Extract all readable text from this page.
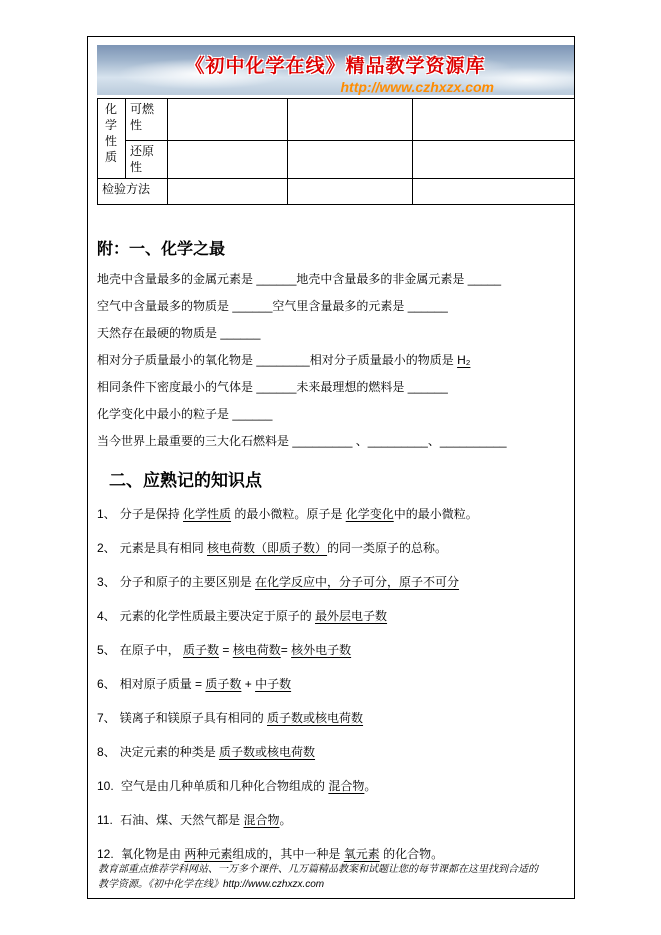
《初中化学在线》精品教学资源库
http://www.czhxzx.com
化学性质	可燃性			
	还原性			
检验方法				
附：一、化学之最
地壳中含量最多的金属元素是 ______地壳中含量最多的非金属元素是 _____
空气中含量最多的物质是 ______空气里含量最多的元素是 ______
天然存在最硬的物质是 ______
相对分子质量最小的氧化物是 ________相对分子质量最小的物质是 H₂
相同条件下密度最小的气体是 ______未来最理想的燃料是 ______
化学变化中最小的粒子是 ______
当今世界上最重要的三大化石燃料是 _________ 、_________、__________
二、应熟记的知识点
1、 分子是保持 化学性质 的最小微粒。原子是 化学变化中的最小微粒。
2、 元素是具有相同 核电荷数（即质子数）的同一类原子的总称。
3、 分子和原子的主要区别是 在化学反应中，分子可分，原子不可分
4、 元素的化学性质最主要决定于原子的 最外层电子数
5、 在原子中， 质子数 = 核电荷数= 核外电子数
6、 相对原子质量 = 质子数 + 中子数
7、 镁离子和镁原子具有相同的 质子数或核电荷数
8、 决定元素的种类是 质子数或核电荷数
10. 空气是由几种单质和几种化合物组成的 混合物。
11. 石油、煤、天然气都是 混合物。
12. 氧化物是由 两种元素组成的，其中一种是 氧元素 的化合物。
教育部重点推荐学科网站、一万多个课件、几万篇精品教案和试题让您的每节课都在这里找到合适的
教学资源。《初中化学在线》http://www.czhxzx.com
